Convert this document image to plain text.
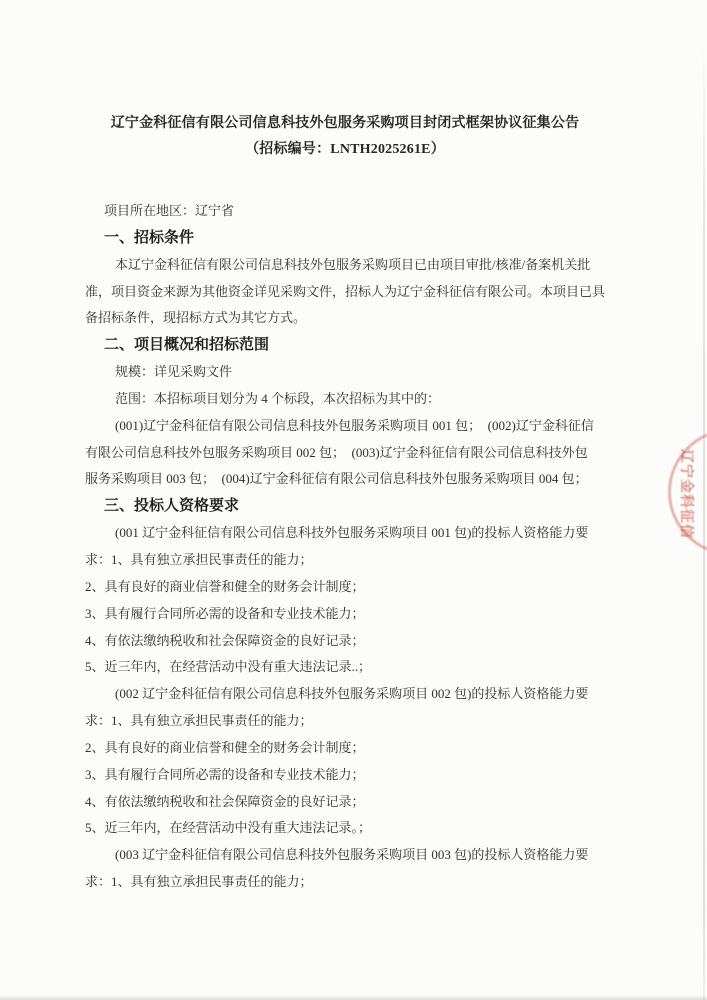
辽宁金科征信有限公司信息科技外包服务采购项目封闭式框架协议征集公告
（招标编号：LNTH2025261E）
项目所在地区：辽宁省
一、招标条件
本辽宁金科征信有限公司信息科技外包服务采购项目已由项目审批/核准/备案机关批
准，项目资金来源为其他资金详见采购文件，招标人为辽宁金科征信有限公司。本项目已具
备招标条件，现招标方式为其它方式。
二、项目概况和招标范围
规模：详见采购文件
范围：本招标项目划分为 4 个标段，本次招标为其中的：
(001)辽宁金科征信有限公司信息科技外包服务采购项目 001 包；　(002)辽宁金科征信
有限公司信息科技外包服务采购项目 002 包；　(003)辽宁金科征信有限公司信息科技外包
服务采购项目 003 包；　(004)辽宁金科征信有限公司信息科技外包服务采购项目 004 包；
三、投标人资格要求
(001 辽宁金科征信有限公司信息科技外包服务采购项目 001 包)的投标人资格能力要
求：1、具有独立承担民事责任的能力；
2、具有良好的商业信誉和健全的财务会计制度；
3、具有履行合同所必需的设备和专业技术能力；
4、有依法缴纳税收和社会保障资金的良好记录；
5、近三年内，在经营活动中没有重大违法记录..；
(002 辽宁金科征信有限公司信息科技外包服务采购项目 002 包)的投标人资格能力要
求：1、具有独立承担民事责任的能力；
2、具有良好的商业信誉和健全的财务会计制度；
3、具有履行合同所必需的设备和专业技术能力；
4、有依法缴纳税收和社会保障资金的良好记录；
5、近三年内，在经营活动中没有重大违法记录。；
(003 辽宁金科征信有限公司信息科技外包服务采购项目 003 包)的投标人资格能力要
求：1、具有独立承担民事责任的能力；
辽宁金科征信
